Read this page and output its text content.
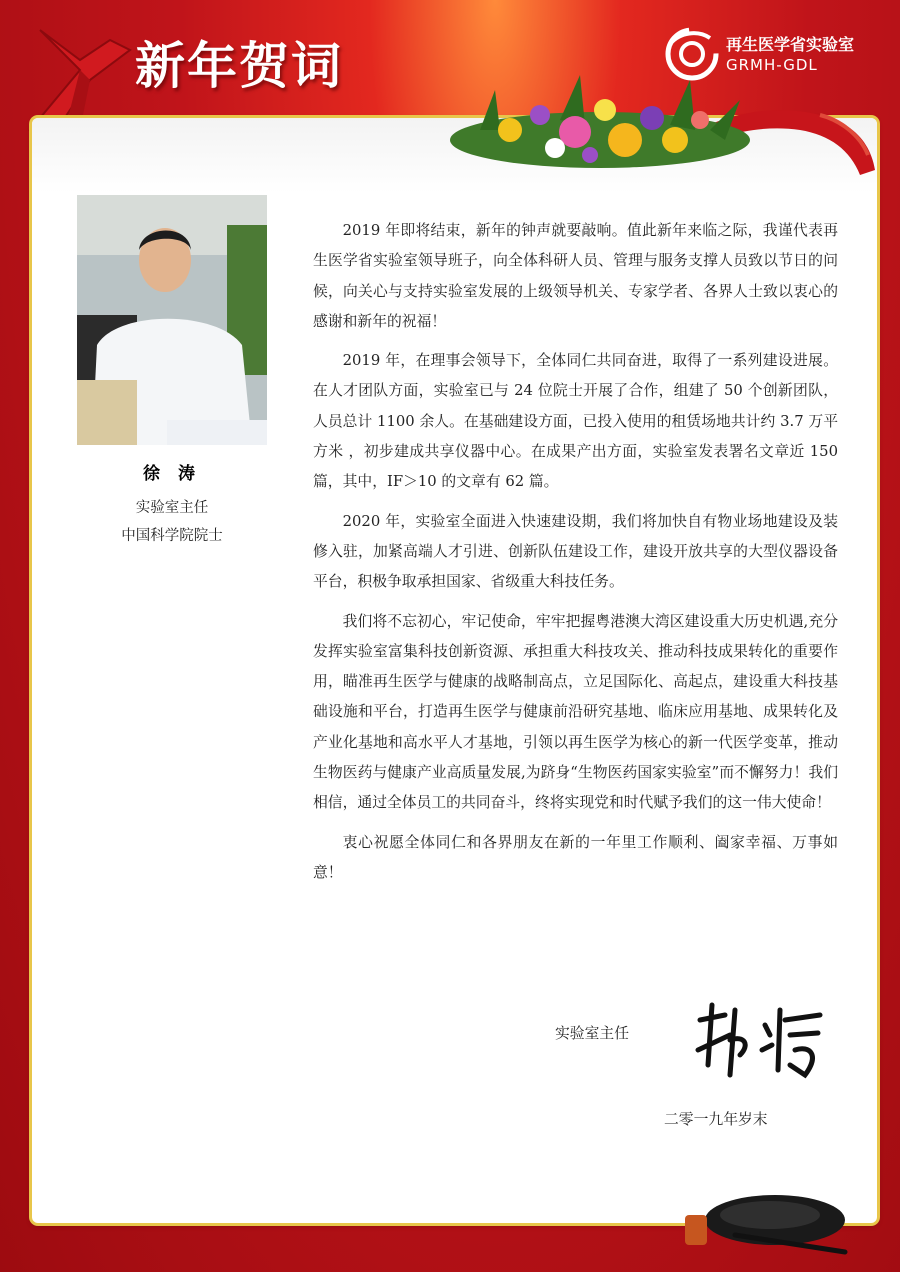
新年贺词	再生医学省实验室
GRMH-GDL
徐 涛
实验室主任
中国科学院院士

2019 年即将结束，新年的钟声就要敲响。值此新年来临之际，我谨代表再生医学省实验室领导班子，向全体科研人员、管理与服务支撑人员致以节日的问候，向关心与支持实验室发展的上级领导机关、专家学者、各界人士致以衷心的感谢和新年的祝福！

2019 年，在理事会领导下，全体同仁共同奋进，取得了一系列建设进展。在人才团队方面，实验室已与 24 位院士开展了合作，组建了 50 个创新团队，人员总计 1100 余人。在基础建设方面，已投入使用的租赁场地共计约 3.7 万平方米 ，初步建成共享仪器中心。在成果产出方面，实验室发表署名文章近 150 篇，其中，IF＞10 的文章有 62 篇。

2020 年，实验室全面进入快速建设期，我们将加快自有物业场地建设及装修入驻，加紧高端人才引进、创新队伍建设工作，建设开放共享的大型仪器设备平台，积极争取承担国家、省级重大科技任务。

我们将不忘初心，牢记使命，牢牢把握粤港澳大湾区建设重大历史机遇,充分发挥实验室富集科技创新资源、承担重大科技攻关、推动科技成果转化的重要作用，瞄准再生医学与健康的战略制高点，立足国际化、高起点，建设重大科技基础设施和平台，打造再生医学与健康前沿研究基地、临床应用基地、成果转化及产业化基地和高水平人才基地，引领以再生医学为核心的新一代医学变革，推动生物医药与健康产业高质量发展,为跻身“生物医药国家实验室”而不懈努力！我们相信，通过全体员工的共同奋斗，终将实现党和时代赋予我们的这一伟大使命！

衷心祝愿全体同仁和各界朋友在新的一年里工作顺利、阖家幸福、万事如意！

实验室主任
二零一九年岁末
